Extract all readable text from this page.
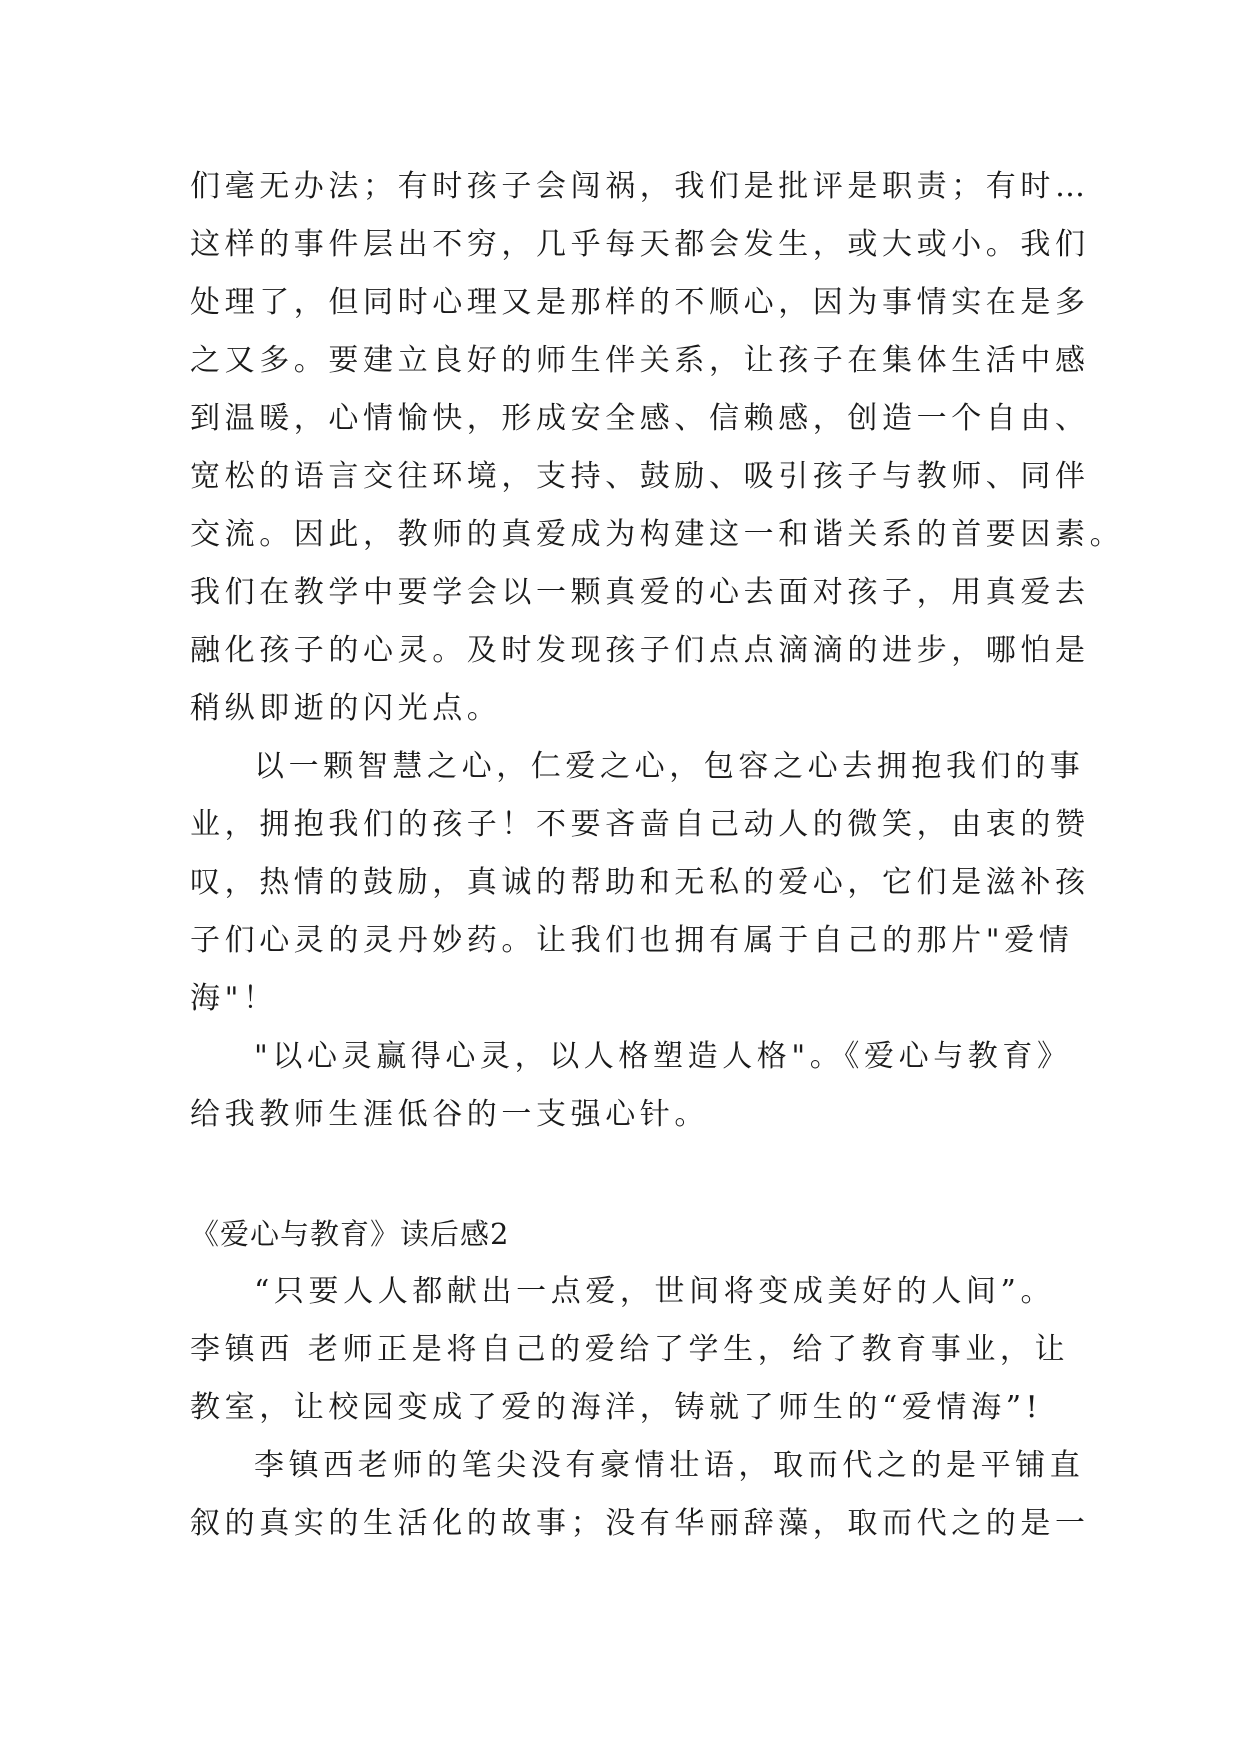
们毫无办法；有时孩子会闯祸，我们是批评是职责；有时…
这样的事件层出不穷，几乎每天都会发生，或大或小。我们
处理了，但同时心理又是那样的不顺心，因为事情实在是多
之又多。要建立良好的师生伴关系，让孩子在集体生活中感
到温暖，心情愉快，形成安全感、信赖感，创造一个自由、
宽松的语言交往环境，支持、鼓励、吸引孩子与教师、同伴
交流。因此，教师的真爱成为构建这一和谐关系的首要因素。
我们在教学中要学会以一颗真爱的心去面对孩子，用真爱去
融化孩子的心灵。及时发现孩子们点点滴滴的进步，哪怕是
稍纵即逝的闪光点。
以一颗智慧之心，仁爱之心，包容之心去拥抱我们的事
业，拥抱我们的孩子！不要吝啬自己动人的微笑，由衷的赞
叹，热情的鼓励，真诚的帮助和无私的爱心，它们是滋补孩
子们心灵的灵丹妙药。让我们也拥有属于自己的那片"爱情
海"！
"以心灵赢得心灵，以人格塑造人格"。《爱心与教育》
给我教师生涯低谷的一支强心针。
《爱心与教育》读后感2
“只要人人都献出一点爱，世间将变成美好的人间”。
李镇西 老师正是将自己的爱给了学生，给了教育事业，让
教室，让校园变成了爱的海洋，铸就了师生的“爱情海”!
李镇西老师的笔尖没有豪情壮语，取而代之的是平铺直
叙的真实的生活化的故事；没有华丽辞藻，取而代之的是一
